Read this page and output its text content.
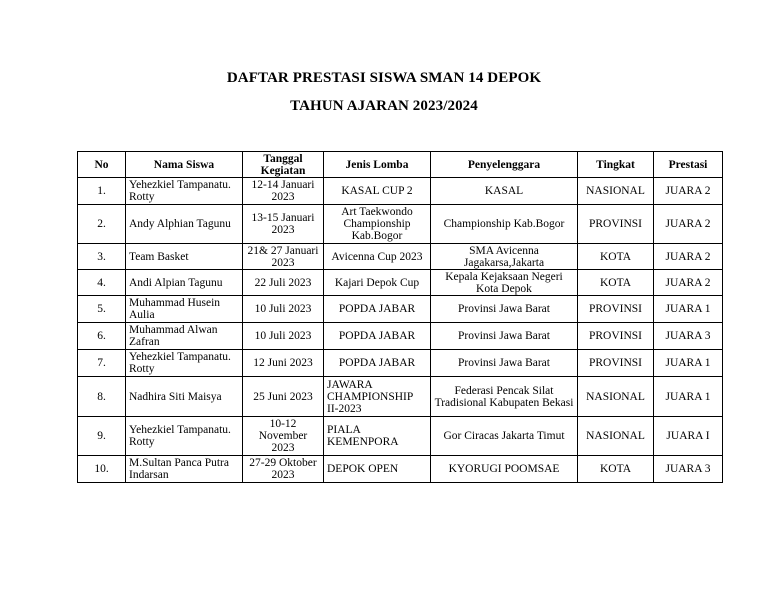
DAFTAR PRESTASI SISWA SMAN 14 DEPOK
TAHUN AJARAN 2023/2024
No	Nama Siswa	Tanggal Kegiatan	Jenis Lomba	Penyelenggara	Tingkat	Prestasi
1.	Yehezkiel Tampanatu. Rotty	12-14 Januari 2023	KASAL CUP 2	KASAL	NASIONAL	JUARA 2
2.	Andy Alphian Tagunu	13-15 Januari 2023	Art Taekwondo Championship Kab.Bogor	Championship Kab.Bogor	PROVINSI	JUARA 2
3.	Team Basket	21& 27 Januari 2023	Avicenna Cup 2023	SMA Avicenna Jagakarsa,Jakarta	KOTA	JUARA 2
4.	Andi Alpian Tagunu	22 Juli 2023	Kajari Depok Cup	Kepala Kejaksaan Negeri Kota Depok	KOTA	JUARA 2
5.	Muhammad Husein Aulia	10 Juli 2023	POPDA JABAR	Provinsi Jawa Barat	PROVINSI	JUARA 1
6.	Muhammad Alwan Zafran	10 Juli 2023	POPDA JABAR	Provinsi Jawa Barat	PROVINSI	JUARA 3
7.	Yehezkiel Tampanatu. Rotty	12 Juni 2023	POPDA JABAR	Provinsi Jawa Barat	PROVINSI	JUARA 1
8.	Nadhira Siti Maisya	25 Juni 2023	JAWARA CHAMPIONSHIP II-2023	Federasi Pencak Silat Tradisional Kabupaten Bekasi	NASIONAL	JUARA 1
9.	Yehezkiel Tampanatu. Rotty	10-12 November 2023	PIALA KEMENPORA	Gor Ciracas Jakarta Timut	NASIONAL	JUARA I
10.	M.Sultan Panca Putra Indarsan	27-29 Oktober 2023	DEPOK OPEN	KYORUGI POOMSAE	KOTA	JUARA 3
